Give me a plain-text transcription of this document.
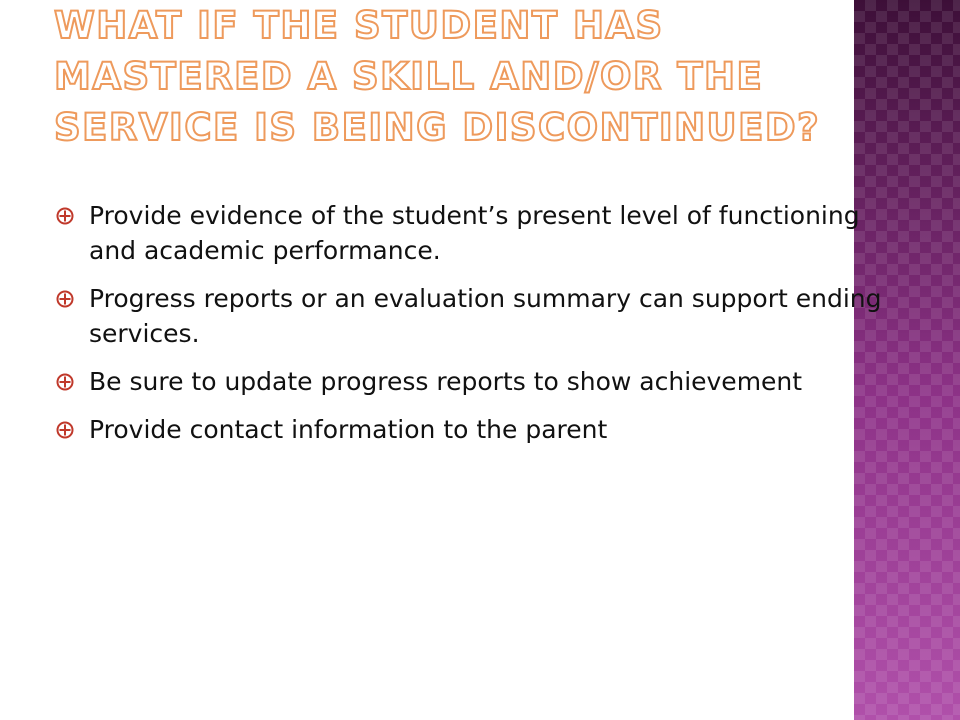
WHAT IF THE STUDENT HAS MASTERED A SKILL AND/OR THE SERVICE IS BEING DISCONTINUED?
Provide evidence of the student’s present level of functioning and academic performance.
Progress reports or an evaluation summary can support ending services.
Be sure to update progress reports to show achievement
Provide contact information to the parent
